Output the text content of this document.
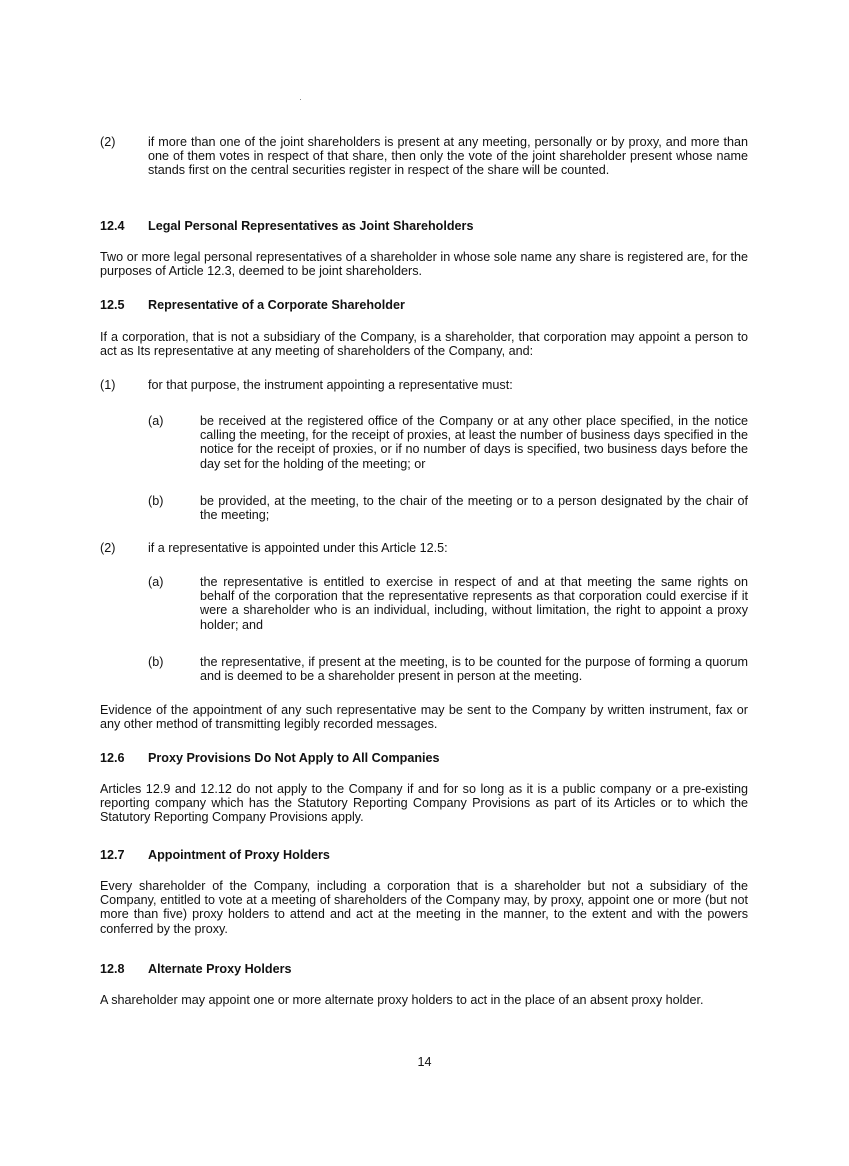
(2)	if more than one of the joint shareholders is present at any meeting, personally or by proxy, and more than one of them votes in respect of that share, then only the vote of the joint shareholder present whose name stands first on the central securities register in respect of the share will be counted.

12.4 Legal Personal Representatives as Joint Shareholders

Two or more legal personal representatives of a shareholder in whose sole name any share is registered are, for the purposes of Article 12.3, deemed to be joint shareholders.

12.5 Representative of a Corporate Shareholder

If a corporation, that is not a subsidiary of the Company, is a shareholder, that corporation may appoint a person to act as Its representative at any meeting of shareholders of the Company, and:

(1)	for that purpose, the instrument appointing a representative must:

(a)	be received at the registered office of the Company or at any other place specified, in the notice calling the meeting, for the receipt of proxies, at least the number of business days specified in the notice for the receipt of proxies, or if no number of days is specified, two business days before the day set for the holding of the meeting; or

(b)	be provided, at the meeting, to the chair of the meeting or to a person designated by the chair of the meeting;

(2)	if a representative is appointed under this Article 12.5:

(a)	the representative is entitled to exercise in respect of and at that meeting the same rights on behalf of the corporation that the representative represents as that corporation could exercise if it were a shareholder who is an individual, including, without limitation, the right to appoint a proxy holder; and

(b)	the representative, if present at the meeting, is to be counted for the purpose of forming a quorum and is deemed to be a shareholder present in person at the meeting.

Evidence of the appointment of any such representative may be sent to the Company by written instrument, fax or any other method of transmitting legibly recorded messages.

12.6 Proxy Provisions Do Not Apply to All Companies

Articles 12.9 and 12.12 do not apply to the Company if and for so long as it is a public company or a pre-existing reporting company which has the Statutory Reporting Company Provisions as part of its Articles or to which the Statutory Reporting Company Provisions apply.

12.7 Appointment of Proxy Holders

Every shareholder of the Company, including a corporation that is a shareholder but not a subsidiary of the Company, entitled to vote at a meeting of shareholders of the Company may, by proxy, appoint one or more (but not more than five) proxy holders to attend and act at the meeting in the manner, to the extent and with the powers conferred by the proxy.

12.8 Alternate Proxy Holders

A shareholder may appoint one or more alternate proxy holders to act in the place of an absent proxy holder.

14
